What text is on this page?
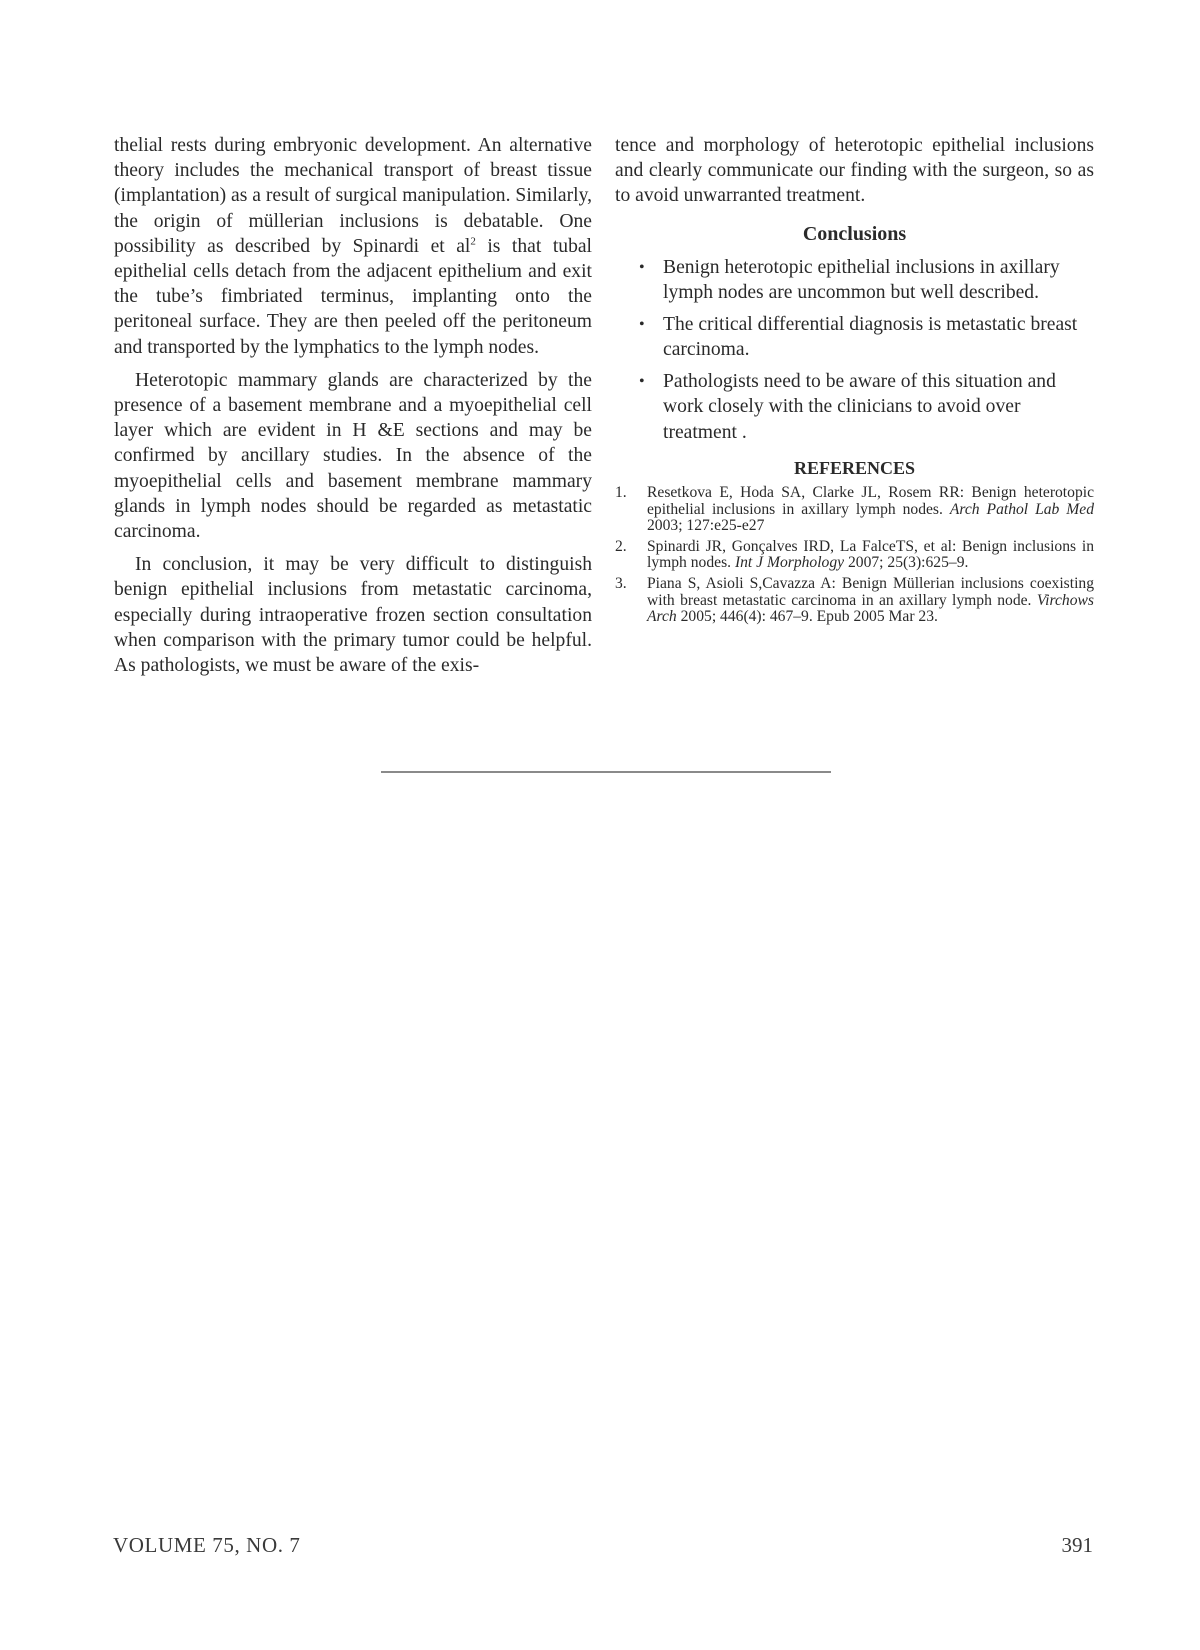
thelial rests during embryonic development. An alternative theory includes the mechanical transport of breast tissue (implantation) as a result of surgical manipulation. Similarly, the origin of müllerian inclusions is debatable. One possibility as described by Spinardi et $al^2$ is that tubal epithelial cells detach from the adjacent epithelium and exit the tube’s fimbriated terminus, implanting onto the peritoneal surface. They are then peeled off the peritoneum and transported by the lymphatics to the lymph nodes.

Heterotopic mammary glands are characterized by the presence of a basement membrane and a myoepithelial cell layer which are evident in H &E sections and may be confirmed by ancillary studies. In the absence of the myoepithelial cells and basement membrane mammary glands in lymph nodes should be regarded as metastatic carcinoma.

In conclusion, it may be very difficult to distinguish benign epithelial inclusions from metastatic carcinoma, especially during intraoperative frozen section consultation when comparison with the primary tumor could be helpful. As pathologists, we must be aware of the exis-

tence and morphology of heterotopic epithelial inclusions and clearly communicate our finding with the surgeon, so as to avoid unwarranted treatment.

Conclusions
• Benign heterotopic epithelial inclusions in axillary lymph nodes are uncommon but well described.
• The critical differential diagnosis is metastatic breast carcinoma.
• Pathologists need to be aware of this situation and work closely with the clinicians to avoid over treatment .
REFERENCES
1. Resetkova E, Hoda SA, Clarke JL, Rosem RR: Benign heterotopic epithelial inclusions in axillary lymph nodes. Arch Pathol Lab Med 2003; 127:e25-e27
2. Spinardi JR, Gonçalves IRD, La FalceTS, et al: Benign inclusions in lymph nodes. Int J Morphology 2007; 25(3):625–9.
3. Piana S, Asioli S,Cavazza A: Benign Müllerian inclusions coexisting with breast metastatic carcinoma in an axillary lymph node. Virchows Arch 2005; 446(4): 467–9. Epub 2005 Mar 23.
VOLUME 75, NO. 7	391
